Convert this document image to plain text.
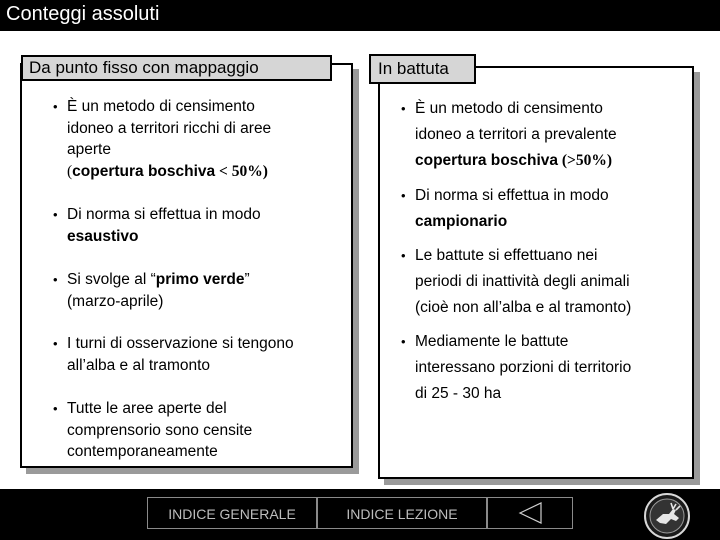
Conteggi assoluti
Da punto fisso con mappaggio
• È un metodo di censimento
idoneo a territori ricchi di aree
aperte
(copertura boschiva < 50%)
• Di norma si effettua in modo
esaustivo
• Si svolge al “primo verde”
(marzo-aprile)
• I turni di osservazione si tengono
all’alba e al tramonto
• Tutte le aree aperte del
comprensorio sono censite
contemporaneamente
In battuta
• È un metodo di censimento
idoneo a territori a prevalente
copertura boschiva (>50%)
• Di norma si effettua in modo
campionario
• Le battute si effettuano nei
periodi di inattività degli animali
(cioè non all’alba e al tramonto)
• Mediamente le battute
interessano porzioni di territorio
di 25 - 30 ha
INDICE GENERALE	INDICE LEZIONE
